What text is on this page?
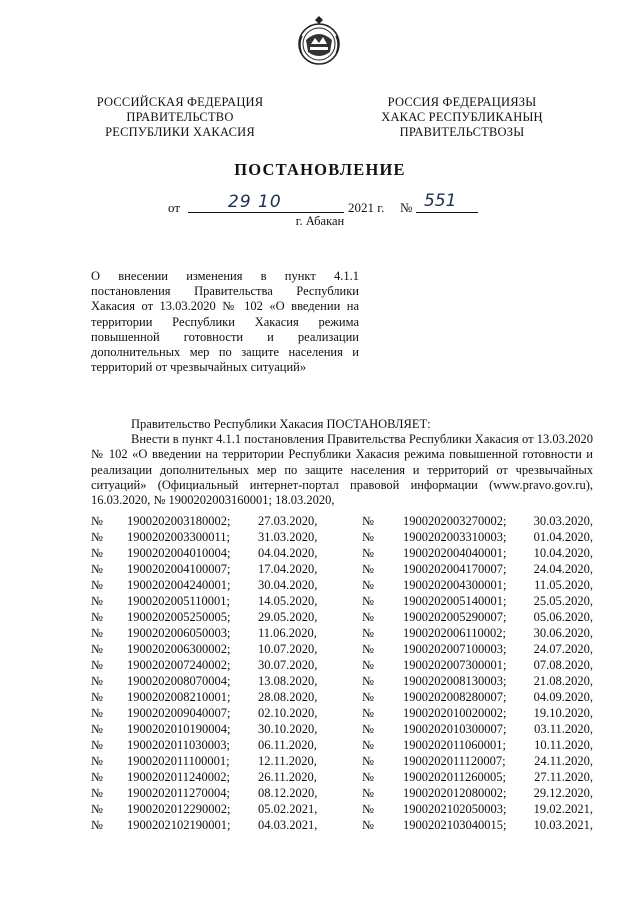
РОССИЙСКАЯ ФЕДЕРАЦИЯ
ПРАВИТЕЛЬСТВО
РЕСПУБЛИКИ ХАКАСИЯ
РОССИЯ ФЕДЕРАЦИЯЗЫ
ХАКАС РЕСПУБЛИКАНЫҢ
ПРАВИТЕЛЬСТВОЗЫ
ПОСТАНОВЛЕНИЕ
от	29 10	2021 г. № 551
г. Абакан
О внесении изменения в пункт 4.1.1 постановления Правительства Республики Хакасия от 13.03.2020 № 102 «О введении на территории Республики Хакасия режима повышенной готовности и реализации дополнительных мер по защите населения и территорий от чрезвычайных ситуаций»
Правительство Республики Хакасия ПОСТАНОВЛЯЕТ:
Внести в пункт 4.1.1 постановления Правительства Республики Хакасия от 13.03.2020 № 102 «О введении на территории Республики Хакасия режима повышенной готовности и реализации дополнительных мер по защите населения и территорий от чрезвычайных ситуаций» (Официальный интернет-портал правовой информации (www.pravo.gov.ru), 16.03.2020, № 1900202003160001; 18.03.2020,
№	1900202003180002;	27.03.2020,	№	1900202003270002;	30.03.2020,
№	1900202003300011;	31.03.2020,	№	1900202003310003;	01.04.2020,
№	1900202004010004;	04.04.2020,	№	1900202004040001;	10.04.2020,
№	1900202004100007;	17.04.2020,	№	1900202004170007;	24.04.2020,
№	1900202004240001;	30.04.2020,	№	1900202004300001;	11.05.2020,
№	1900202005110001;	14.05.2020,	№	1900202005140001;	25.05.2020,
№	1900202005250005;	29.05.2020,	№	1900202005290007;	05.06.2020,
№	1900202006050003;	11.06.2020,	№	1900202006110002;	30.06.2020,
№	1900202006300002;	10.07.2020,	№	1900202007100003;	24.07.2020,
№	1900202007240002;	30.07.2020,	№	1900202007300001;	07.08.2020,
№	1900202008070004;	13.08.2020,	№	1900202008130003;	21.08.2020,
№	1900202008210001;	28.08.2020,	№	1900202008280007;	04.09.2020,
№	1900202009040007;	02.10.2020,	№	1900202010020002;	19.10.2020,
№	1900202010190004;	30.10.2020,	№	1900202010300007;	03.11.2020,
№	1900202011030003;	06.11.2020,	№	1900202011060001;	10.11.2020,
№	1900202011100001;	12.11.2020,	№	1900202011120007;	24.11.2020,
№	1900202011240002;	26.11.2020,	№	1900202011260005;	27.11.2020,
№	1900202011270004;	08.12.2020,	№	1900202012080002;	29.12.2020,
№	1900202012290002;	05.02.2021,	№	1900202102050003;	19.02.2021,
№	1900202102190001;	04.03.2021,	№	1900202103040015;	10.03.2021,
